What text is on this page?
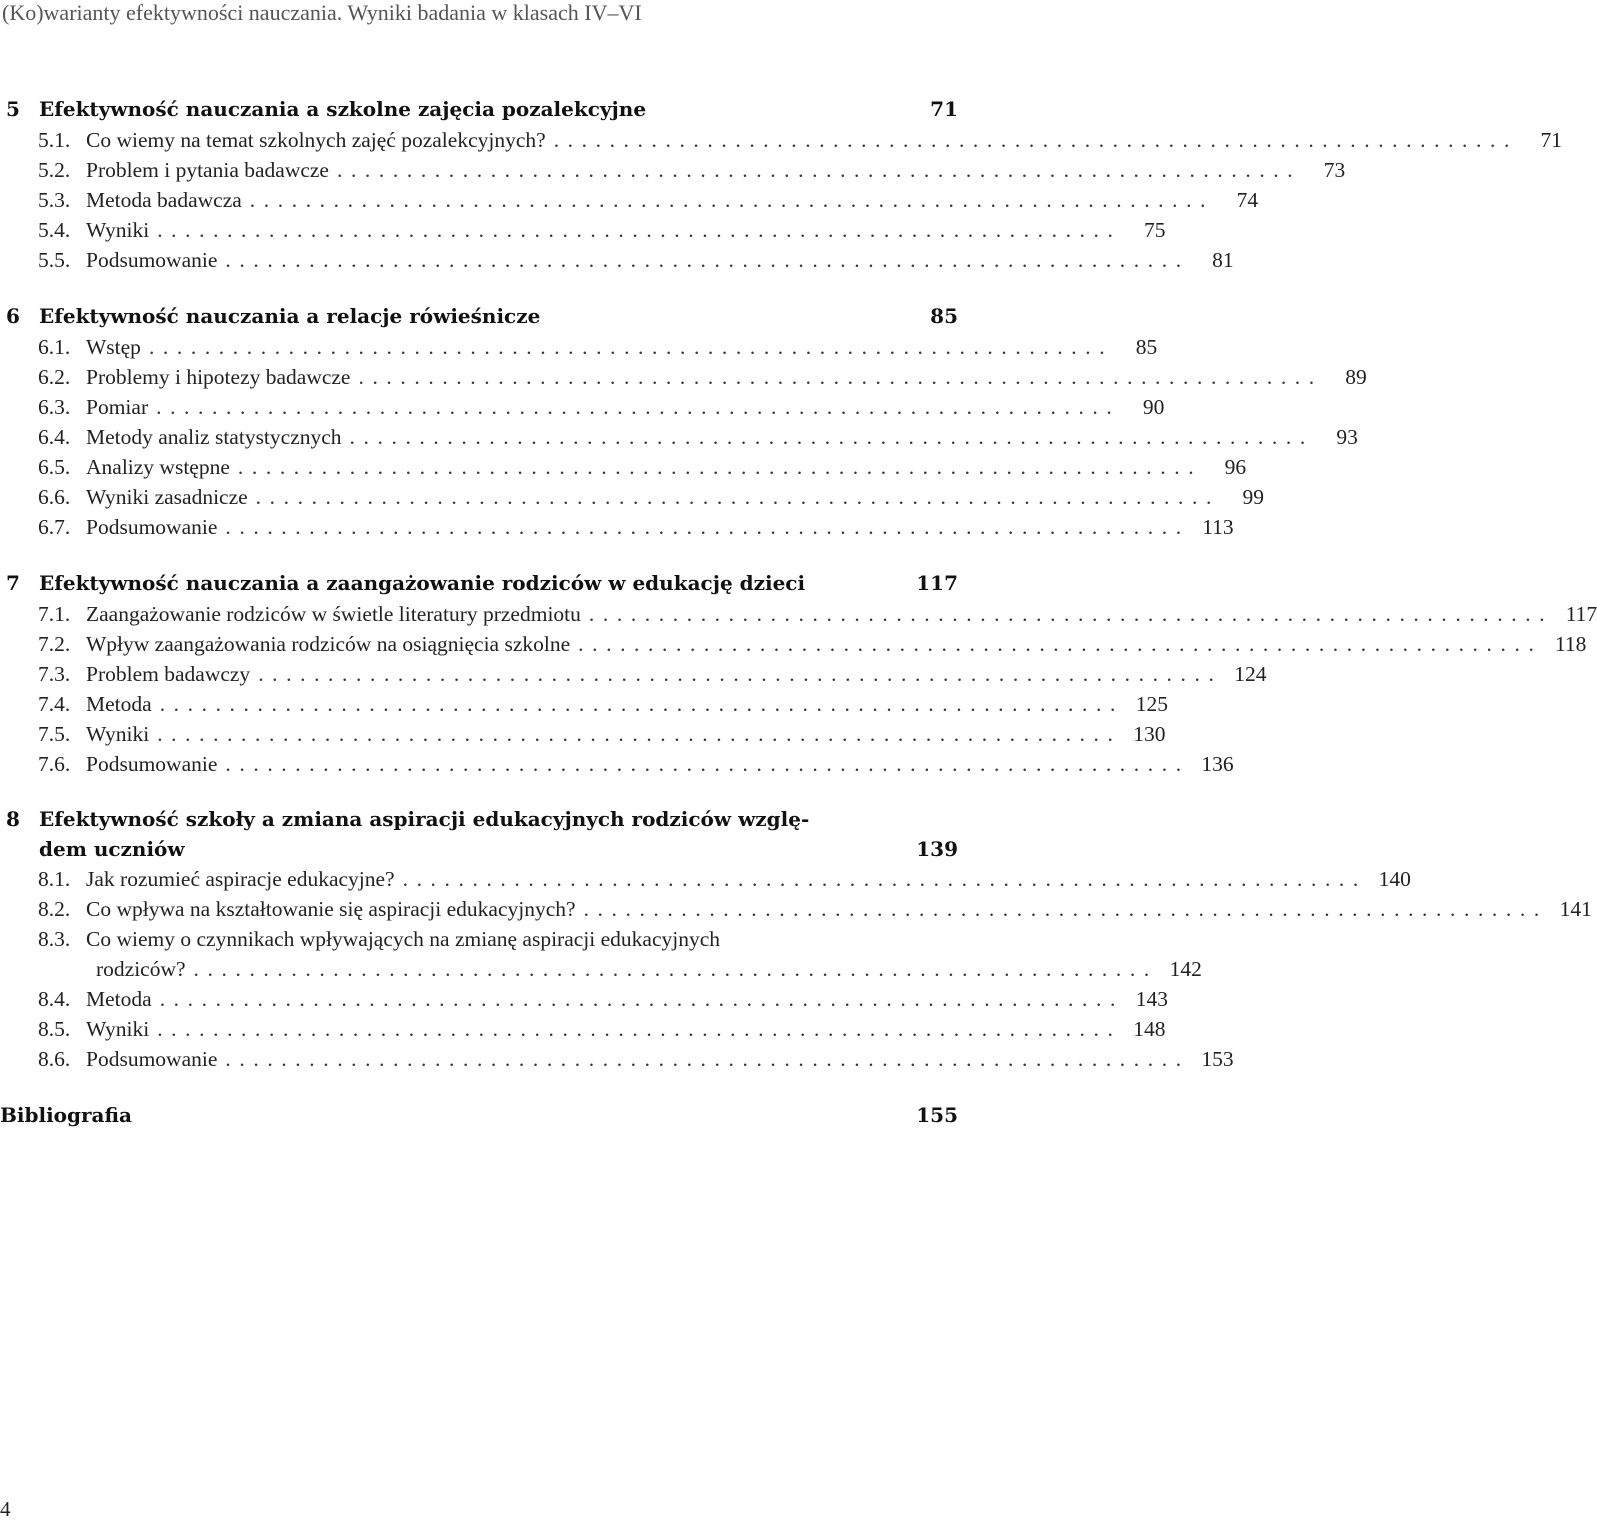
(Ko)warianty efektywności nauczania. Wyniki badania w klasach IV–VI
5 Efektywność nauczania a szkolne zajęcia pozalekcyjne	71
5.1. Co wiemy na temat szkolnych zajęć pozalekcyjnych? .....................................................................	71
5.2. Problem i pytania badawcze .....................................................................	73
5.3. Metoda badawcza .....................................................................	74
5.4. Wyniki .....................................................................	75
5.5. Podsumowanie .....................................................................	81
6 Efektywność nauczania a relacje rówieśnicze	85
6.1. Wstęp .....................................................................	85
6.2. Problemy i hipotezy badawcze .....................................................................	89
6.3. Pomiar .....................................................................	90
6.4. Metody analiz statystycznych .....................................................................	93
6.5. Analizy wstępne .....................................................................	96
6.6. Wyniki zasadnicze .....................................................................	99
6.7. Podsumowanie ..................................................................... 113
7 Efektywność nauczania a zaangażowanie rodziców w edukację dzieci	117
7.1. Zaangażowanie rodziców w świetle literatury przedmiotu ..................................................................... 117
7.2. Wpływ zaangażowania rodziców na osiągnięcia szkolne ..................................................................... 118
7.3. Problem badawczy ..................................................................... 124
7.4. Metoda ..................................................................... 125
7.5. Wyniki ..................................................................... 130
7.6. Podsumowanie ..................................................................... 136
8 Efektywność szkoły a zmiana aspiracji edukacyjnych rodziców wzglę-
dem uczniów	139
8.1. Jak rozumieć aspiracje edukacyjne? ..................................................................... 140
8.2. Co wpływa na kształtowanie się aspiracji edukacyjnych? ..................................................................... 141
8.3. Co wiemy o czynnikach wpływających na zmianę aspiracji edukacyjnych
rodziców? ..................................................................... 142
8.4. Metoda ..................................................................... 143
8.5. Wyniki ..................................................................... 148
8.6. Podsumowanie ..................................................................... 153
Bibliografia	155
4
